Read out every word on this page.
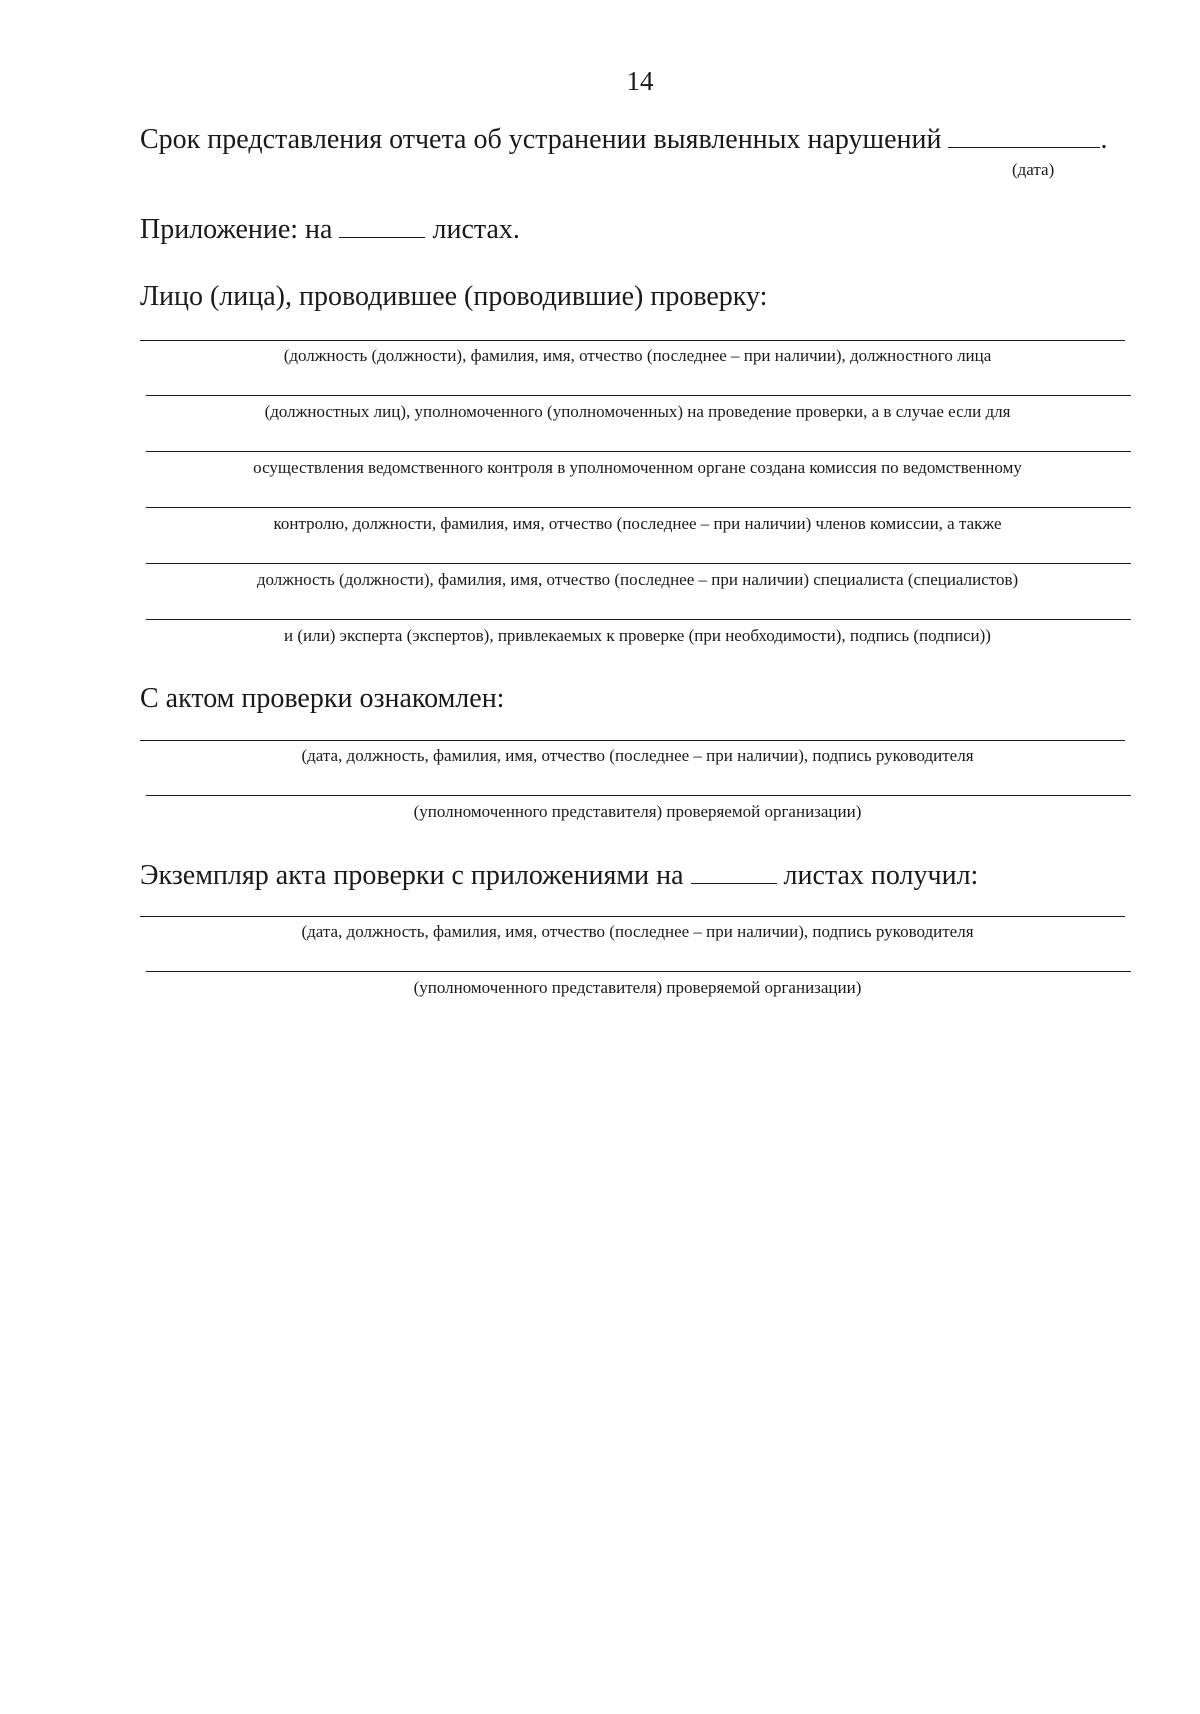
14
Срок представления отчета об устранении выявленных нарушений	.
(дата)
Приложение: на	листах.
Лицо (лица), проводившее (проводившие) проверку:
(должность (должности), фамилия, имя, отчество (последнее – при наличии), должностного лица
(должностных лиц), уполномоченного (уполномоченных) на проведение проверки, а в случае если для
осуществления ведомственного контроля в уполномоченном органе создана комиссия по ведомственному
контролю, должности, фамилия, имя, отчество (последнее – при наличии) членов комиссии, а также
должность (должности), фамилия, имя, отчество (последнее – при наличии) специалиста (специалистов)
и (или) эксперта (экспертов), привлекаемых к проверке (при необходимости), подпись (подписи))
С актом проверки ознакомлен:
(дата, должность, фамилия, имя, отчество (последнее – при наличии), подпись руководителя
(уполномоченного представителя) проверяемой организации)
Экземпляр акта проверки с приложениями на	листах получил:
(дата, должность, фамилия, имя, отчество (последнее – при наличии), подпись руководителя
(уполномоченного представителя) проверяемой организации)
